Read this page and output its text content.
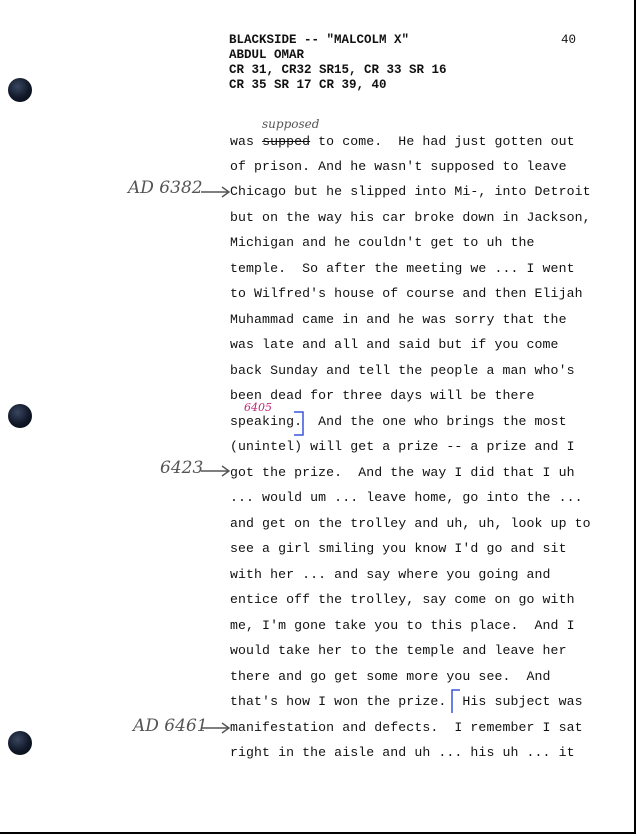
BLACKSIDE -- "MALCOLM X"
ABDUL OMAR
CR 31, CR32 SR15, CR 33 SR 16
CR 35 SR 17 CR 39, 40
40
supposed
was supped to come.  He had just gotten out
of prison. And he wasn't supposed to leave
Chicago but he slipped into Mi-, into Detroit
but on the way his car broke down in Jackson,
Michigan and he couldn't get to uh the
temple.  So after the meeting we ... I went
to Wilfred's house of course and then Elijah
Muhammad came in and he was sorry that the
was late and all and said but if you come
back Sunday and tell the people a man who's
been dead for three days will be there
speaking.  And the one who brings the most
(unintel) will get a prize -- a prize and I
got the prize.  And the way I did that I uh
... would um ... leave home, go into the ...
and get on the trolley and uh, uh, look up to
see a girl smiling you know I'd go and sit
with her ... and say where you going and
entice off the trolley, say come on go with
me, I'm gone take you to this place.  And I
would take her to the temple and leave her
there and go get some more you see.  And
that's how I won the prize.  His subject was
manifestation and defects.  I remember I sat
right in the aisle and uh ... his uh ... it
AD 6382
6405
6423
AD 6461
